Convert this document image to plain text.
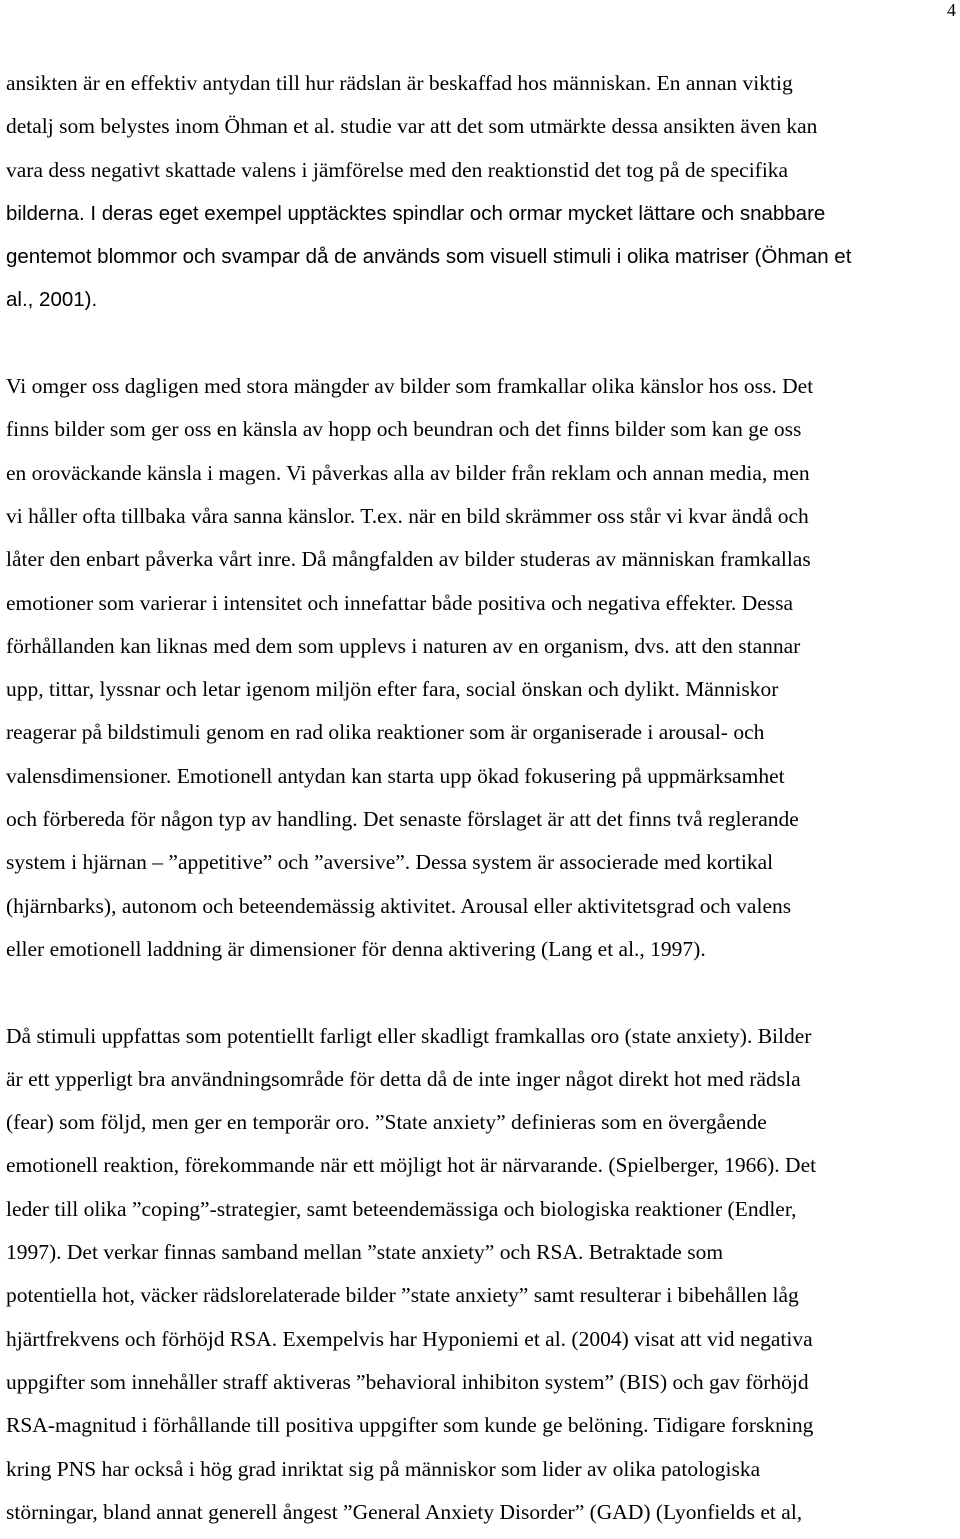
4
ansikten är en effektiv antydan till hur rädslan är beskaffad hos människan. En annan viktig
detalj som belystes inom Öhman et al. studie var att det som utmärkte dessa ansikten även kan
vara dess negativt skattade valens i jämförelse med den reaktionstid det tog på de specifika
bilderna. I deras eget exempel upptäcktes spindlar och ormar mycket lättare och snabbare
gentemot blommor och svampar då de används som visuell stimuli i olika matriser (Öhman et
al., 2001).
Vi omger oss dagligen med stora mängder av bilder som framkallar olika känslor hos oss. Det
finns bilder som ger oss en känsla av hopp och beundran och det finns bilder som kan ge oss
en oroväckande känsla i magen. Vi påverkas alla av bilder från reklam och annan media, men
vi håller ofta tillbaka våra sanna känslor. T.ex. när en bild skrämmer oss står vi kvar ändå och
låter den enbart påverka vårt inre. Då mångfalden av bilder studeras av människan framkallas
emotioner som varierar i intensitet och innefattar både positiva och negativa effekter. Dessa
förhållanden kan liknas med dem som upplevs i naturen av en organism, dvs. att den stannar
upp, tittar, lyssnar och letar igenom miljön efter fara, social önskan och dylikt. Människor
reagerar på bildstimuli genom en rad olika reaktioner som är organiserade i arousal- och
valensdimensioner. Emotionell antydan kan starta upp ökad fokusering på uppmärksamhet
och förbereda för någon typ av handling. Det senaste förslaget är att det finns två reglerande
system i hjärnan – ”appetitive” och ”aversive”. Dessa system är associerade med kortikal
(hjärnbarks), autonom och beteendemässig aktivitet. Arousal eller aktivitetsgrad och valens
eller emotionell laddning är dimensioner för denna aktivering (Lang et al., 1997).
Då stimuli uppfattas som potentiellt farligt eller skadligt framkallas oro (state anxiety). Bilder
är ett ypperligt bra användningsområde för detta då de inte inger något direkt hot med rädsla
(fear) som följd, men ger en temporär oro. ”State anxiety” definieras som en övergående
emotionell reaktion, förekommande när ett möjligt hot är närvarande. (Spielberger, 1966). Det
leder till olika ”coping”-strategier, samt beteendemässiga och biologiska reaktioner (Endler,
1997). Det verkar finnas samband mellan ”state anxiety” och RSA. Betraktade som
potentiella hot, väcker rädslorelaterade bilder ”state anxiety” samt resulterar i bibehållen låg
hjärtfrekvens och förhöjd RSA. Exempelvis har Hyponiemi et al. (2004) visat att vid negativa
uppgifter som innehåller straff aktiveras ”behavioral inhibiton system” (BIS) och gav förhöjd
RSA-magnitud i förhållande till positiva uppgifter som kunde ge belöning. Tidigare forskning
kring PNS har också i hög grad inriktat sig på människor som lider av olika patologiska
störningar, bland annat generell ångest ”General Anxiety Disorder” (GAD) (Lyonfields et al,
